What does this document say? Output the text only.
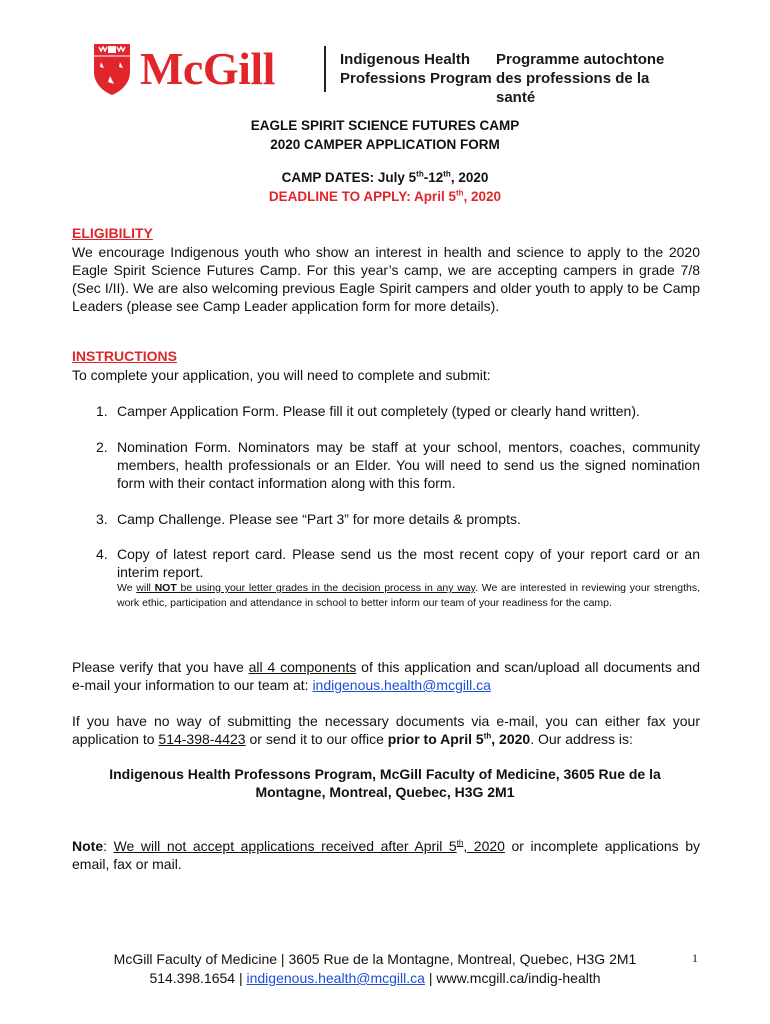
McGill	Indigenous Health
Professions Program
Programme autochtone
des professions de la santé
EAGLE SPIRIT SCIENCE FUTURES CAMP
2020 CAMPER APPLICATION FORM
CAMP DATES: July 5th-12th, 2020
DEADLINE TO APPLY: April 5th, 2020
ELIGIBILITY
We encourage Indigenous youth who show an interest in health and science to apply to the 2020 Eagle Spirit Science Futures Camp. For this year’s camp, we are accepting campers in grade 7/8 (Sec I/II). We are also welcoming previous Eagle Spirit campers and older youth to apply to be Camp Leaders (please see Camp Leader application form for more details).
INSTRUCTIONS
To complete your application, you will need to complete and submit:
1. Camper Application Form. Please fill it out completely (typed or clearly hand written).
2. Nomination Form. Nominators may be staff at your school, mentors, coaches, community members, health professionals or an Elder. You will need to send us the signed nomination form with their contact information along with this form.
3. Camp Challenge. Please see “Part 3” for more details & prompts.
4. Copy of latest report card. Please send us the most recent copy of your report card or an interim report.
We will NOT be using your letter grades in the decision process in any way. We are interested in reviewing your strengths, work ethic, participation and attendance in school to better inform our team of your readiness for the camp.
Please verify that you have all 4 components of this application and scan/upload all documents and e-mail your information to our team at: indigenous.health@mcgill.ca
If you have no way of submitting the necessary documents via e-mail, you can either fax your application to 514-398-4423 or send it to our office prior to April 5th, 2020. Our address is:
Indigenous Health Professons Program, McGill Faculty of Medicine, 3605 Rue de la
Montagne, Montreal, Quebec, H3G 2M1
Note: We will not accept applications received after April 5th, 2020 or incomplete applications by email, fax or mail.
McGill Faculty of Medicine | 3605 Rue de la Montagne, Montreal, Quebec, H3G 2M1
514.398.1654 | indigenous.health@mcgill.ca | www.mcgill.ca/indig-health
1
